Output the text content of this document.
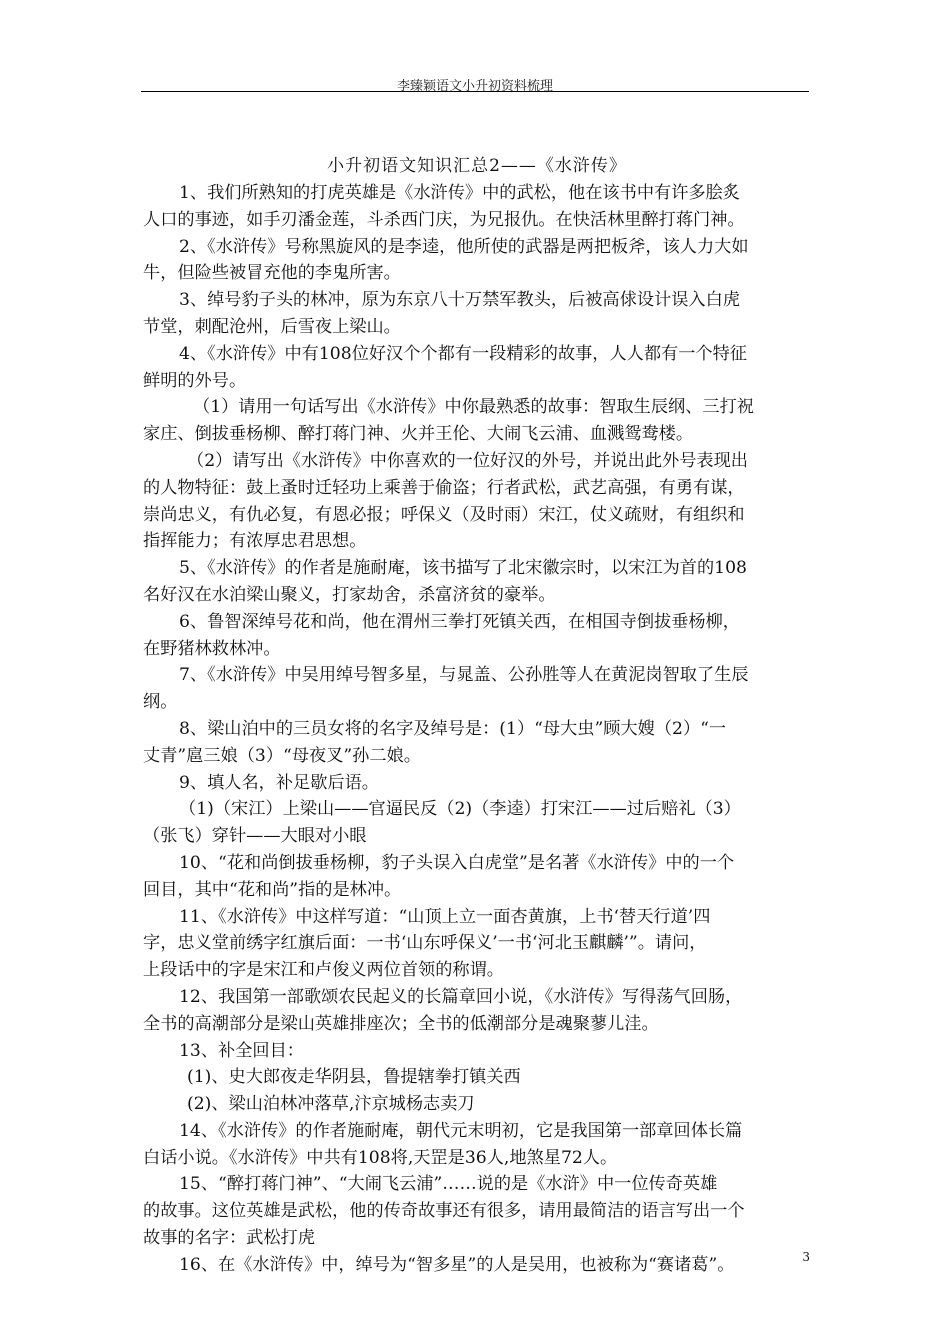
李臻颖语文小升初资料梳理
小升初语文知识汇总2——《水浒传》
1、我们所熟知的打虎英雄是《水浒传》中的武松，他在该书中有许多脍炙
人口的事迹，如手刃潘金莲，斗杀西门庆，为兄报仇。在快活林里醉打蒋门神。
2、《水浒传》号称黑旋风的是李逵，他所使的武器是两把板斧，该人力大如
牛，但险些被冒充他的李鬼所害。
3、绰号豹子头的林冲，原为东京八十万禁军教头，后被高俅设计误入白虎
节堂，刺配沧州，后雪夜上梁山。
4、《水浒传》中有108位好汉个个都有一段精彩的故事，人人都有一个特征
鲜明的外号。
（1）请用一句话写出《水浒传》中你最熟悉的故事：智取生辰纲、三打祝
家庄、倒拔垂杨柳、醉打蒋门神、火并王伦、大闹飞云浦、血溅鸳鸯楼。
（2）请写出《水浒传》中你喜欢的一位好汉的外号，并说出此外号表现出
的人物特征：鼓上蚤时迁轻功上乘善于偷盗；行者武松，武艺高强，有勇有谋，
崇尚忠义，有仇必复，有恩必报；呼保义（及时雨）宋江，仗义疏财，有组织和
指挥能力；有浓厚忠君思想。
5、《水浒传》的作者是施耐庵，该书描写了北宋徽宗时，以宋江为首的108
名好汉在水泊梁山聚义，打家劫舍，杀富济贫的豪举。
6、鲁智深绰号花和尚，他在渭州三拳打死镇关西，在相国寺倒拔垂杨柳，
在野猪林救林冲。
7、《水浒传》中吴用绰号智多星，与晁盖、公孙胜等人在黄泥岗智取了生辰
纲。
8、梁山泊中的三员女将的名字及绰号是：(1）“母大虫”顾大嫂（2）“一
丈青”扈三娘（3）“母夜叉”孙二娘。
9、填人名，补足歇后语。
（1)（宋江）上梁山——官逼民反（2)（李逵）打宋江——过后赔礼（3）
（张飞）穿针——大眼对小眼
10、“花和尚倒拔垂杨柳，豹子头误入白虎堂”是名著《水浒传》中的一个
回目，其中“花和尚”指的是林冲。
11、《水浒传》中这样写道：“山顶上立一面杏黄旗，上书‘替天行道’四
字，忠义堂前绣字红旗后面：一书‘山东呼保义’一书‘河北玉麒麟’”。请问，
上段话中的字是宋江和卢俊义两位首领的称谓。
12、我国第一部歌颂农民起义的长篇章回小说，《水浒传》写得荡气回肠，
全书的高潮部分是梁山英雄排座次；全书的低潮部分是魂聚蓼儿洼。
13、补全回目：
(1)、史大郎夜走华阴县，鲁提辖拳打镇关西
(2)、梁山泊林冲落草,汴京城杨志卖刀
14、《水浒传》的作者施耐庵，朝代元末明初，它是我国第一部章回体长篇
白话小说。《水浒传》中共有108将,天罡是36人,地煞星72人。
15、“醉打蒋门神”、“大闹飞云浦”……说的是《水浒》中一位传奇英雄
的故事。这位英雄是武松，他的传奇故事还有很多，请用最简洁的语言写出一个
故事的名字：武松打虎
16、在《水浒传》中，绰号为“智多星”的人是吴用，也被称为“赛诸葛”。	3
